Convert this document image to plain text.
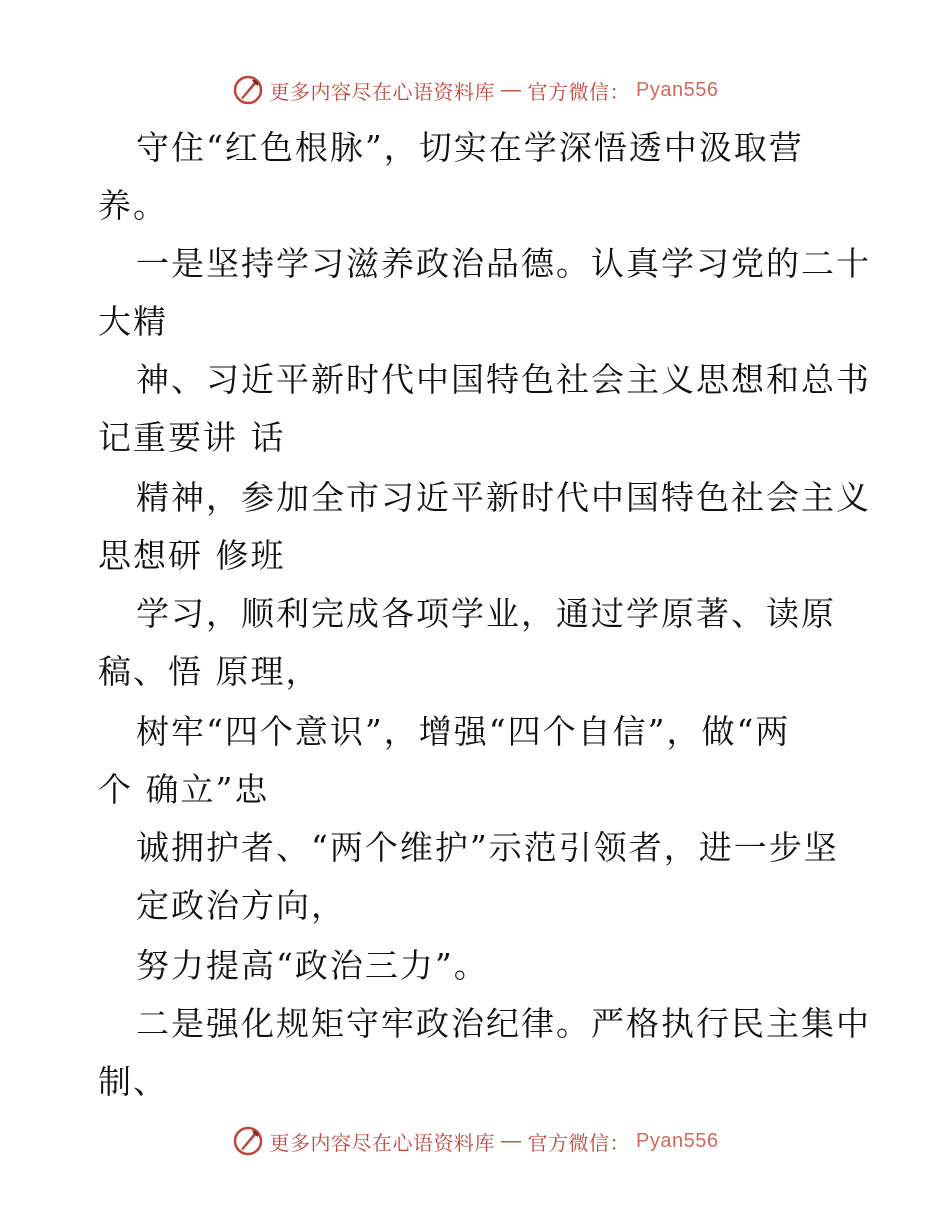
更多内容尽在心语资料库 — 官方微信： Pyan556
守住“红色根脉”，切实在学深悟透中汲取营
养。
一是坚持学习滋养政治品德。认真学习党的二十
大精
神、习近平新时代中国特色社会主义思想和总书
记重要讲 话
精神，参加全市习近平新时代中国特色社会主义
思想研 修班
学习，顺利完成各项学业，通过学原著、读原
稿、悟 原理，
树牢“四个意识”，增强“四个自信”，做“两
个 确立”忠
诚拥护者、“两个维护”示范引领者，进一步坚
定政治方向，
努力提高“政治三力”。
二是强化规矩守牢政治纪律。严格执行民主集中
制、
更多内容尽在心语资料库 — 官方微信： Pyan556
